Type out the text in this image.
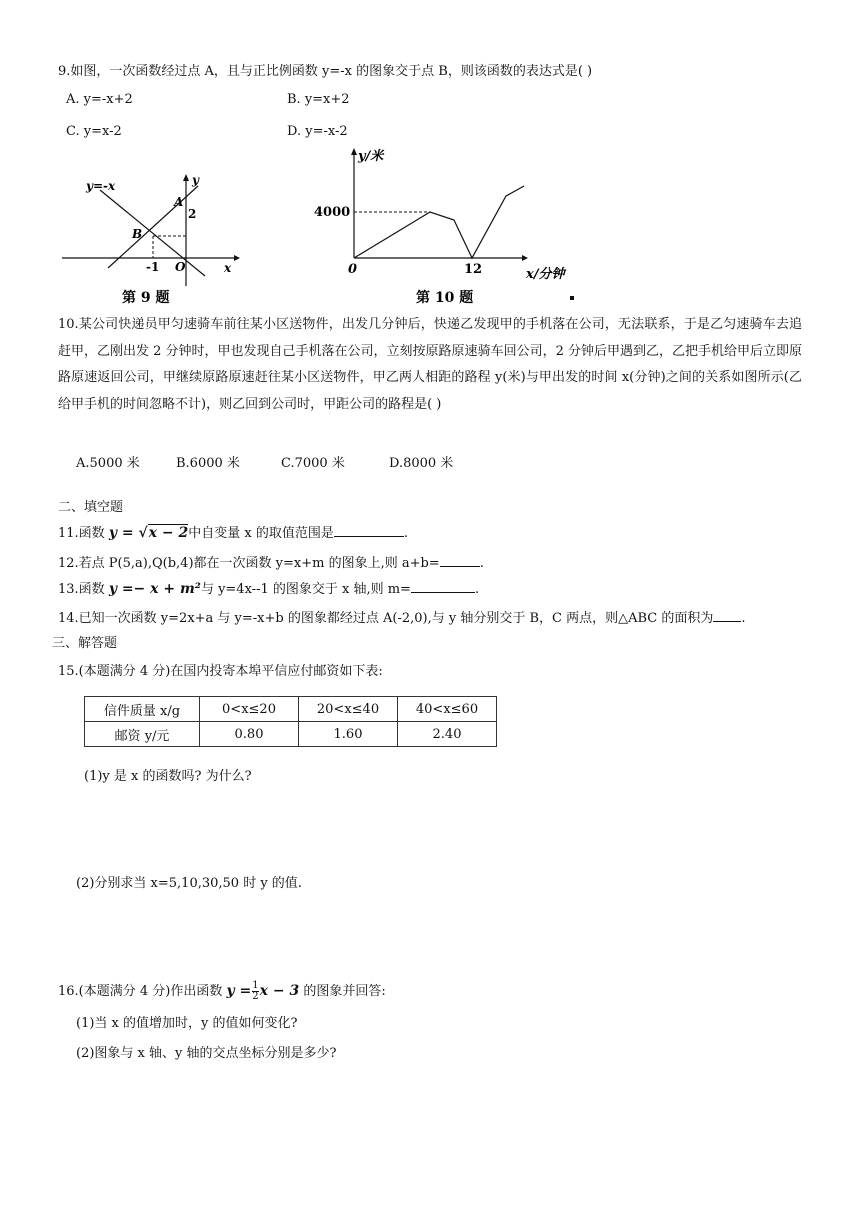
9.如图，一次函数经过点 A，且与正比例函数 y=-x 的图象交于点 B，则该函数的表达式是( )
A. y=-x+2	B. y=x+2
C. y=x-2	D. y=-x-2
y=-x	y
x
A
B
O
2
-1
第 9 题
y/米
4000
0	12	x/分钟
第 10 题
10.某公司快递员甲匀速骑车前往某小区送物件，出发几分钟后，快递乙发现甲的手机落在公司，无法联系，于是乙匀速骑车去追赶甲，乙刚出发 2 分钟时，甲也发现自己手机落在公司，立刻按原路原速骑车回公司，2 分钟后甲遇到乙，乙把手机给甲后立即原路原速返回公司，甲继续原路原速赶往某小区送物件，甲乙两人相距的路程 y(米)与甲出发的时间 x(分钟)之间的关系如图所示(乙给甲手机的时间忽略不计)，则乙回到公司时，甲距公司的路程是( )
A.5000 米	B.6000 米	C.7000 米	D.8000 米
二、填空题
11.函数 y = √x − 2中自变量 x 的取值范围是	.
12.若点 P(5,a),Q(b,4)都在一次函数 y=x+m 的图象上,则 a+b=	.
13.函数 y =− x + m²与 y=4x--1 的图象交于 x 轴,则 m=	.
14.已知一次函数 y=2x+a 与 y=-x+b 的图象都经过点 A(-2,0),与 y 轴分别交于 B，C 两点，则△ABC 的面积为 .
三、解答题
15.(本题满分 4 分)在国内投寄本埠平信应付邮资如下表:
信件质量 x/g	0<x≤20	20<x≤40	40<x≤60
邮资 y/元	0.80	1.60	2.40
(1)y 是 x 的函数吗? 为什么?
(2)分别求当 x=5,10,30,50 时 y 的值.
16.(本题满分 4 分)作出函数 $y = \frac{1}{2}$ x − 3 的图象并回答:
(1)当 x 的值增加时，y 的值如何变化?
(2)图象与 x 轴、y 轴的交点坐标分别是多少?
